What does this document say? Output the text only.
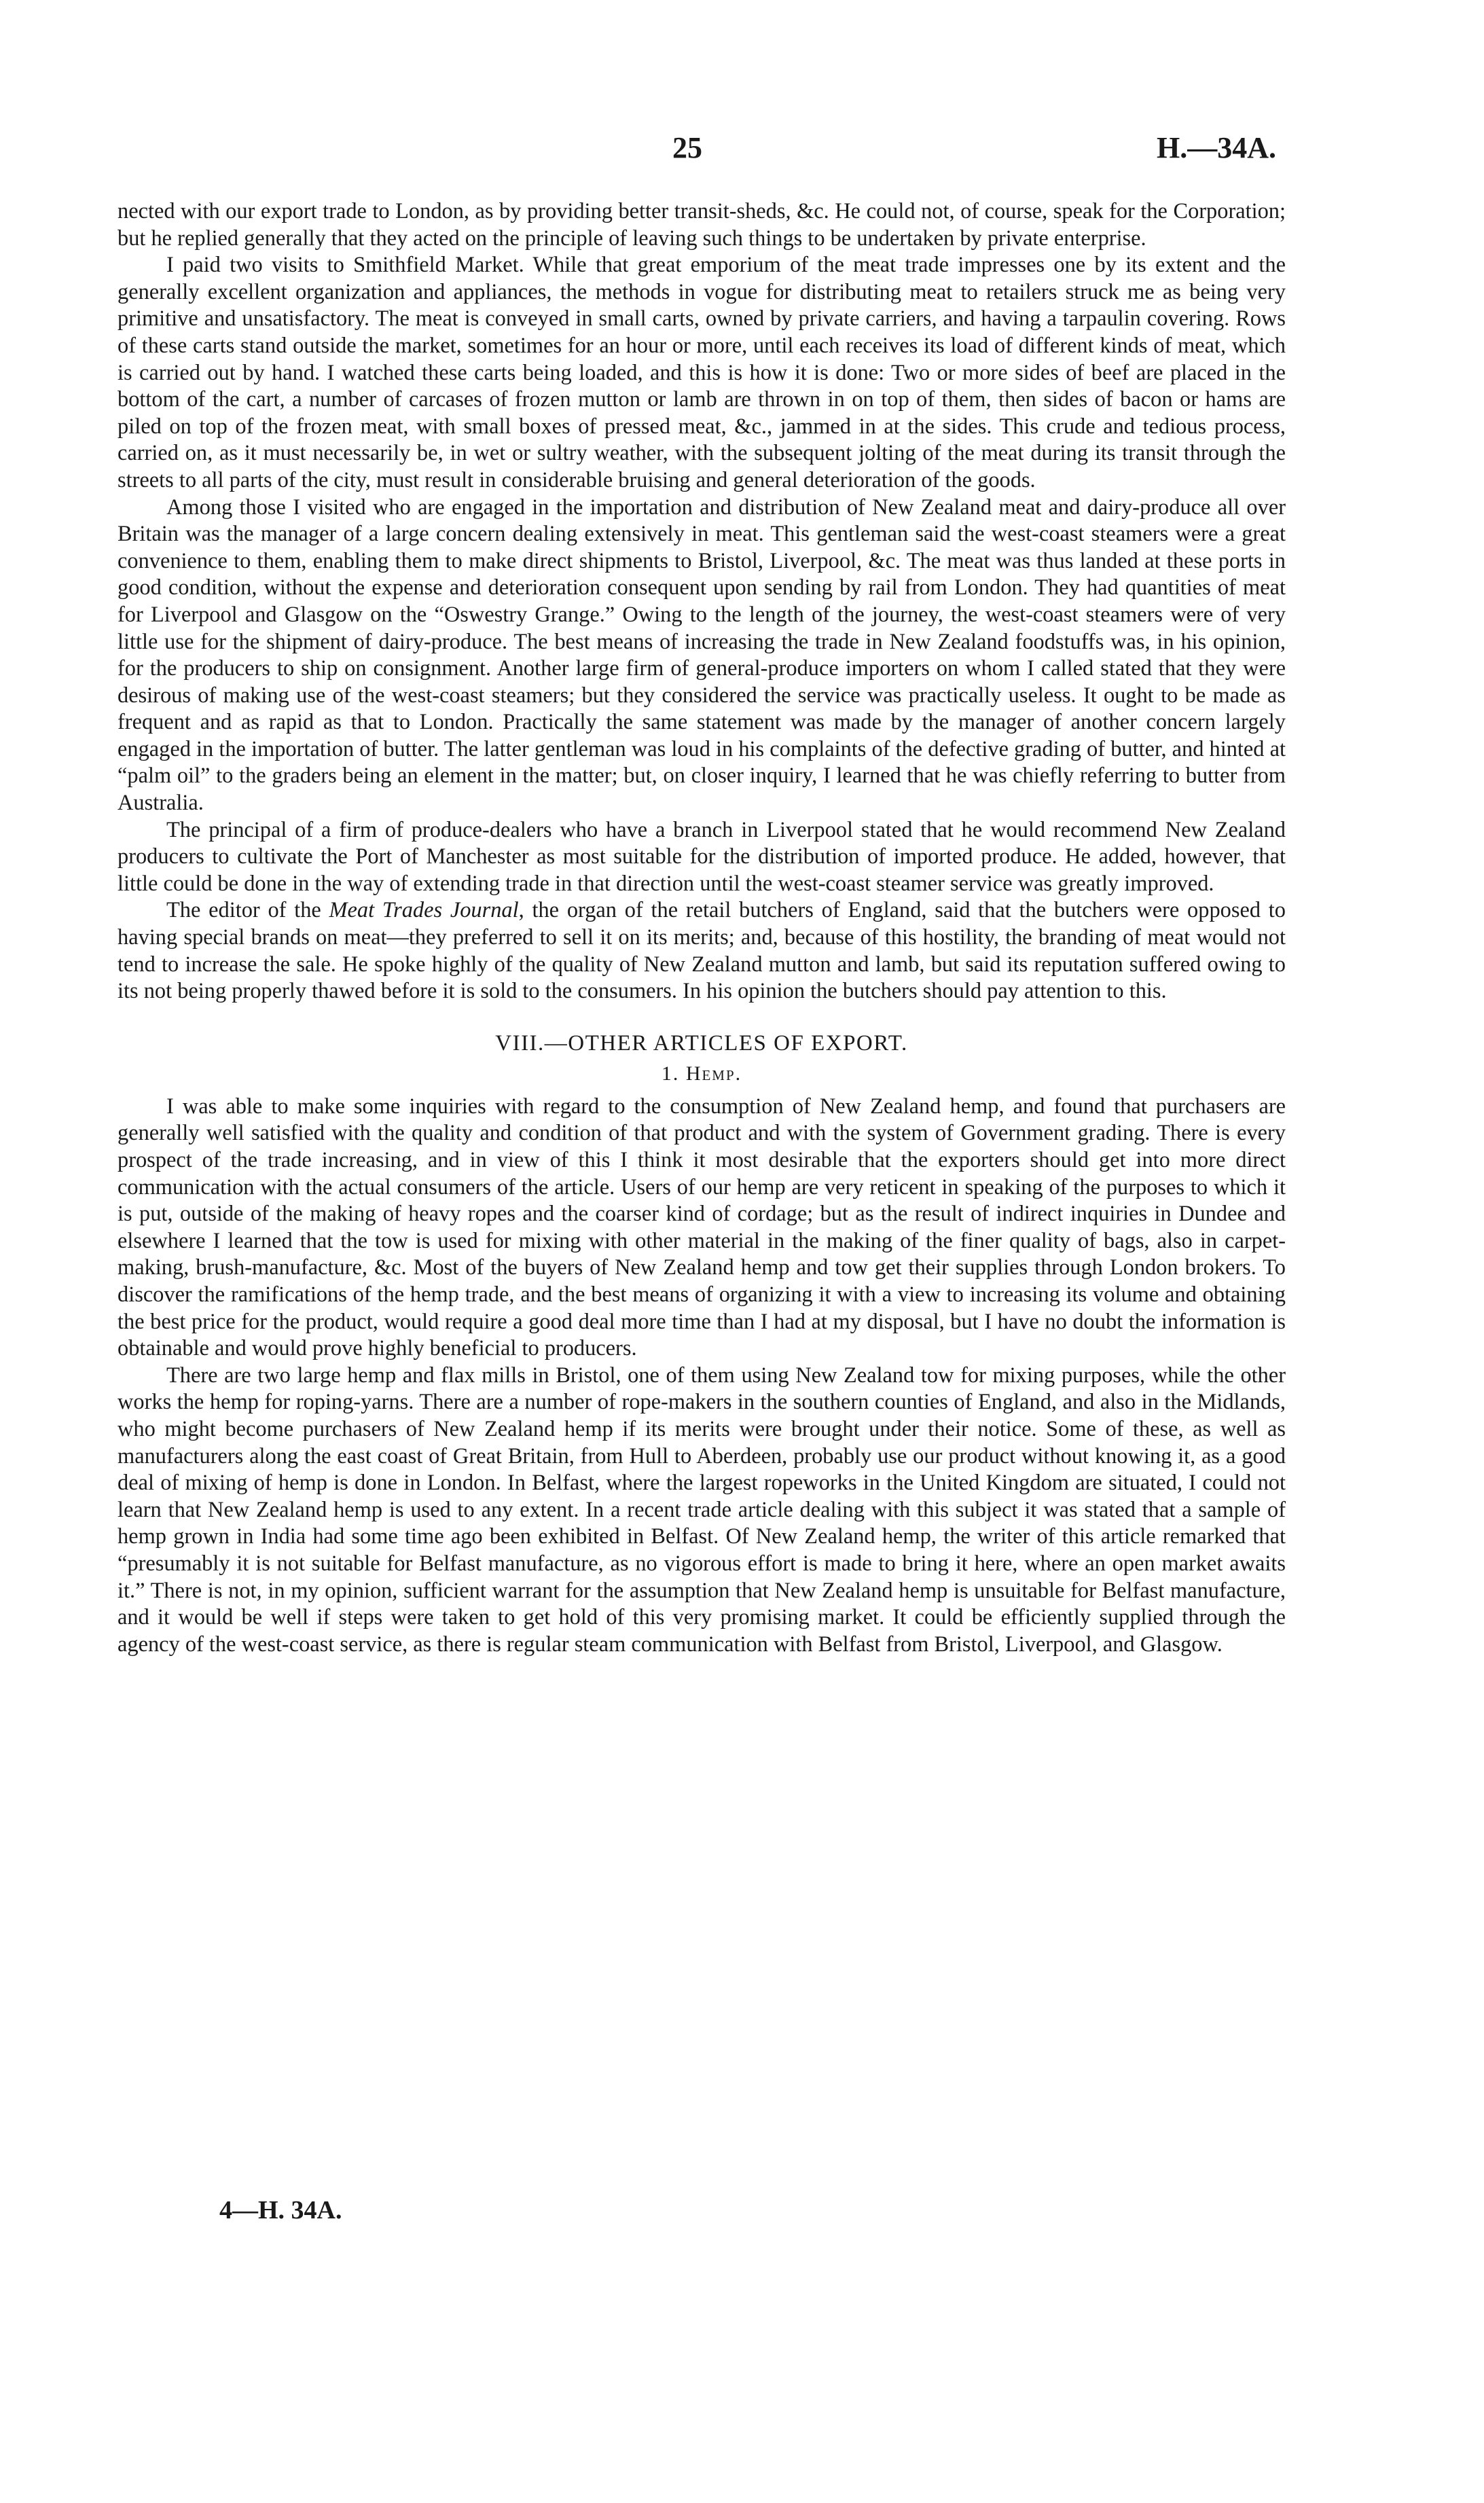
25	H.—34A.

nected with our export trade to London, as by providing better transit-sheds, &c. He could not, of course, speak for the Corporation; but he replied generally that they acted on the principle of leaving such things to be undertaken by private enterprise.

I paid two visits to Smithfield Market. While that great emporium of the meat trade impresses one by its extent and the generally excellent organization and appliances, the methods in vogue for distributing meat to retailers struck me as being very primitive and unsatisfactory. The meat is conveyed in small carts, owned by private carriers, and having a tarpaulin covering. Rows of these carts stand outside the market, sometimes for an hour or more, until each receives its load of different kinds of meat, which is carried out by hand. I watched these carts being loaded, and this is how it is done: Two or more sides of beef are placed in the bottom of the cart, a number of carcases of frozen mutton or lamb are thrown in on top of them, then sides of bacon or hams are piled on top of the frozen meat, with small boxes of pressed meat, &c., jammed in at the sides. This crude and tedious process, carried on, as it must necessarily be, in wet or sultry weather, with the subsequent jolting of the meat during its transit through the streets to all parts of the city, must result in considerable bruising and general deterioration of the goods.

Among those I visited who are engaged in the importation and distribution of New Zealand meat and dairy-produce all over Britain was the manager of a large concern dealing extensively in meat. This gentleman said the west-coast steamers were a great convenience to them, enabling them to make direct shipments to Bristol, Liverpool, &c. The meat was thus landed at these ports in good condition, without the expense and deterioration consequent upon sending by rail from London. They had quantities of meat for Liverpool and Glasgow on the “Oswestry Grange.” Owing to the length of the journey, the west-coast steamers were of very little use for the shipment of dairy-produce. The best means of increasing the trade in New Zealand foodstuffs was, in his opinion, for the producers to ship on consignment. Another large firm of general-produce importers on whom I called stated that they were desirous of making use of the west-coast steamers; but they considered the service was practically useless. It ought to be made as frequent and as rapid as that to London. Practically the same statement was made by the manager of another concern largely engaged in the importation of butter. The latter gentleman was loud in his complaints of the defective grading of butter, and hinted at “palm oil” to the graders being an element in the matter; but, on closer inquiry, I learned that he was chiefly referring to butter from Australia.

The principal of a firm of produce-dealers who have a branch in Liverpool stated that he would recommend New Zealand producers to cultivate the Port of Manchester as most suitable for the distribution of imported produce. He added, however, that little could be done in the way of extending trade in that direction until the west-coast steamer service was greatly improved.

The editor of the Meat Trades Journal, the organ of the retail butchers of England, said that the butchers were opposed to having special brands on meat—they preferred to sell it on its merits; and, because of this hostility, the branding of meat would not tend to increase the sale. He spoke highly of the quality of New Zealand mutton and lamb, but said its reputation suffered owing to its not being properly thawed before it is sold to the consumers. In his opinion the butchers should pay attention to this.

VIII.—OTHER ARTICLES OF EXPORT.
1. Hemp.

I was able to make some inquiries with regard to the consumption of New Zealand hemp, and found that purchasers are generally well satisfied with the quality and condition of that product and with the system of Government grading. There is every prospect of the trade increasing, and in view of this I think it most desirable that the exporters should get into more direct communication with the actual consumers of the article. Users of our hemp are very reticent in speaking of the purposes to which it is put, outside of the making of heavy ropes and the coarser kind of cordage; but as the result of indirect inquiries in Dundee and elsewhere I learned that the tow is used for mixing with other material in the making of the finer quality of bags, also in carpet-making, brush-manufacture, &c. Most of the buyers of New Zealand hemp and tow get their supplies through London brokers. To discover the ramifications of the hemp trade, and the best means of organizing it with a view to increasing its volume and obtaining the best price for the product, would require a good deal more time than I had at my disposal, but I have no doubt the information is obtainable and would prove highly beneficial to producers.

There are two large hemp and flax mills in Bristol, one of them using New Zealand tow for mixing purposes, while the other works the hemp for roping-yarns. There are a number of rope-makers in the southern counties of England, and also in the Midlands, who might become purchasers of New Zealand hemp if its merits were brought under their notice. Some of these, as well as manufacturers along the east coast of Great Britain, from Hull to Aberdeen, probably use our product without knowing it, as a good deal of mixing of hemp is done in London. In Belfast, where the largest ropeworks in the United Kingdom are situated, I could not learn that New Zealand hemp is used to any extent. In a recent trade article dealing with this subject it was stated that a sample of hemp grown in India had some time ago been exhibited in Belfast. Of New Zealand hemp, the writer of this article remarked that “presumably it is not suitable for Belfast manufacture, as no vigorous effort is made to bring it here, where an open market awaits it.” There is not, in my opinion, sufficient warrant for the assumption that New Zealand hemp is unsuitable for Belfast manufacture, and it would be well if steps were taken to get hold of this very promising market. It could be efficiently supplied through the agency of the west-coast service, as there is regular steam communication with Belfast from Bristol, Liverpool, and Glasgow.

4—H. 34A.
